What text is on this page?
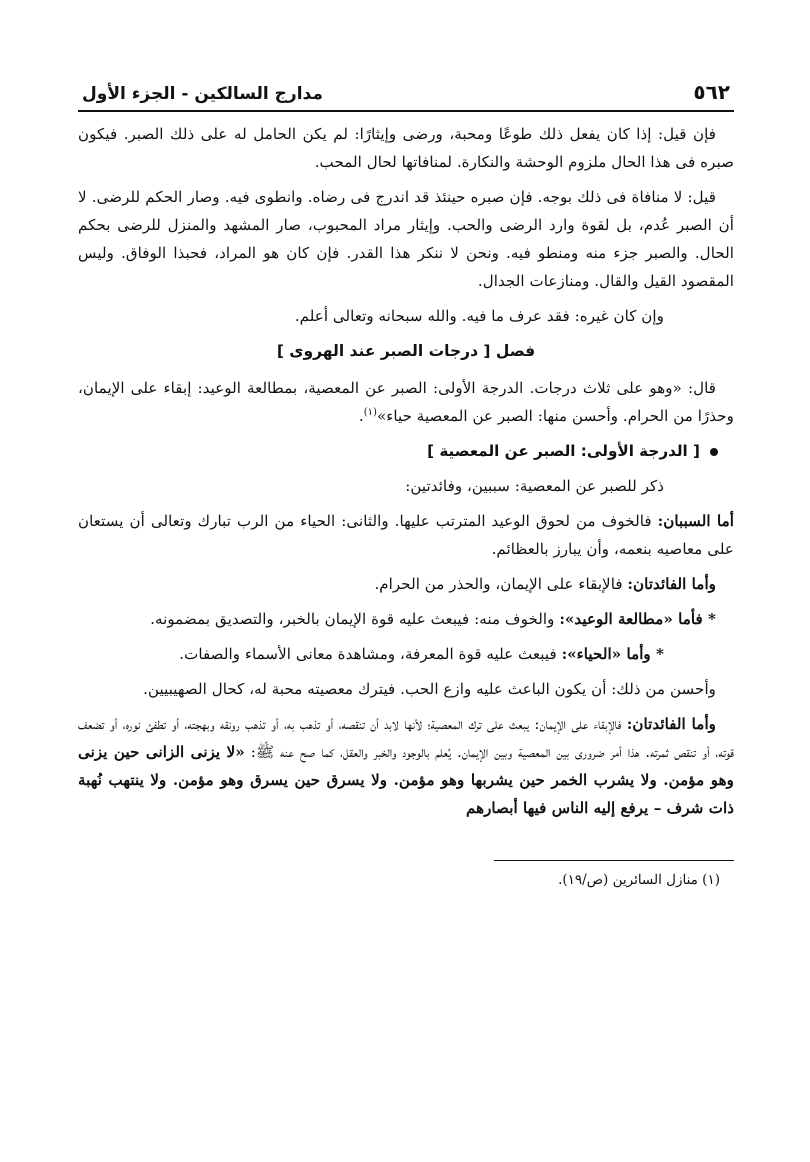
٥٦٢
مدارج السالكين - الجزء الأول

فإن قيل: إذا كان يفعل ذلك طوعًا ومحبة، ورضى وإيثارًا: لم يكن الحامل له على ذلك الصبر. فيكون صبره فى هذا الحال ملزوم الوحشة والنكارة. لمنافاتها لحال المحب.

قيل: لا منافاة فى ذلك بوجه. فإن صبره حينئذ قد اندرج فى رضاه. وانطوى فيه. وصار الحكم للرضى. لا أن الصبر عُدم، بل لقوة وارد الرضى والحب. وإيثار مراد المحبوب، صار المشهد والمنزل للرضى بحكم الحال. والصبر جزء منه ومنطو فيه. ونحن لا ننكر هذا القدر. فإن كان هو المراد، فحبذا الوفاق. وليس المقصود القيل والقال. ومنازعات الجدال.

وإن كان غيره: فقد عرف ما فيه. والله سبحانه وتعالى أعلم.

فصل [ درجات الصبر عند الهروى ]

قال: «وهو على ثلاث درجات. الدرجة الأولى: الصبر عن المعصية، بمطالعة الوعيد: إبقاء على الإيمان، وحذرًا من الحرام. وأحسن منها: الصبر عن المعصية حياء»$^{(١)}$.

[ الدرجة الأولى: الصبر عن المعصية ]

ذكر للصبر عن المعصية: سببين، وفائدتين:

أما السببان: فالخوف من لحوق الوعيد المترتب عليها. والثانى: الحياء من الرب تبارك وتعالى أن يستعان على معاصيه بنعمه، وأن يبارز بالعظائم.

وأما الفائدتان: فالإبقاء على الإيمان، والحذر من الحرام.

* فأما «مطالعة الوعيد»: والخوف منه: فيبعث عليه قوة الإيمان بالخبر، والتصديق بمضمونه.

* وأما «الحياء»: فيبعث عليه قوة المعرفة، ومشاهدة معانى الأسماء والصفات.

وأحسن من ذلك: أن يكون الباعث عليه وازع الحب. فيترك معصيته محبة له، كحال الصهيبيين.

وأما الفائدتان: فالإبقاء على الإيمان: يبعث على ترك المعصية؛ لأنها لابد أن تنقصه، أو تذهب به، أو تذهب رونقه وبهجته، أو تطفئ نوره، أو تضعف قوته، أو تنقص ثمرته. هذا أمر ضرورى بين المعصية وبين الإيمان. يُعلم بالوجود والخبر والعقل، كما صح عنه ﷺ: «لا يزنى الزانى حين يزنى وهو مؤمن. ولا يشرب الخمر حين يشربها وهو مؤمن. ولا يسرق حين يسرق وهو مؤمن. ولا ينتهب نُهبة ذات شرف – يرفع إليه الناس فيها أبصارهم

(١) منازل السائرين (ص/١٩).
